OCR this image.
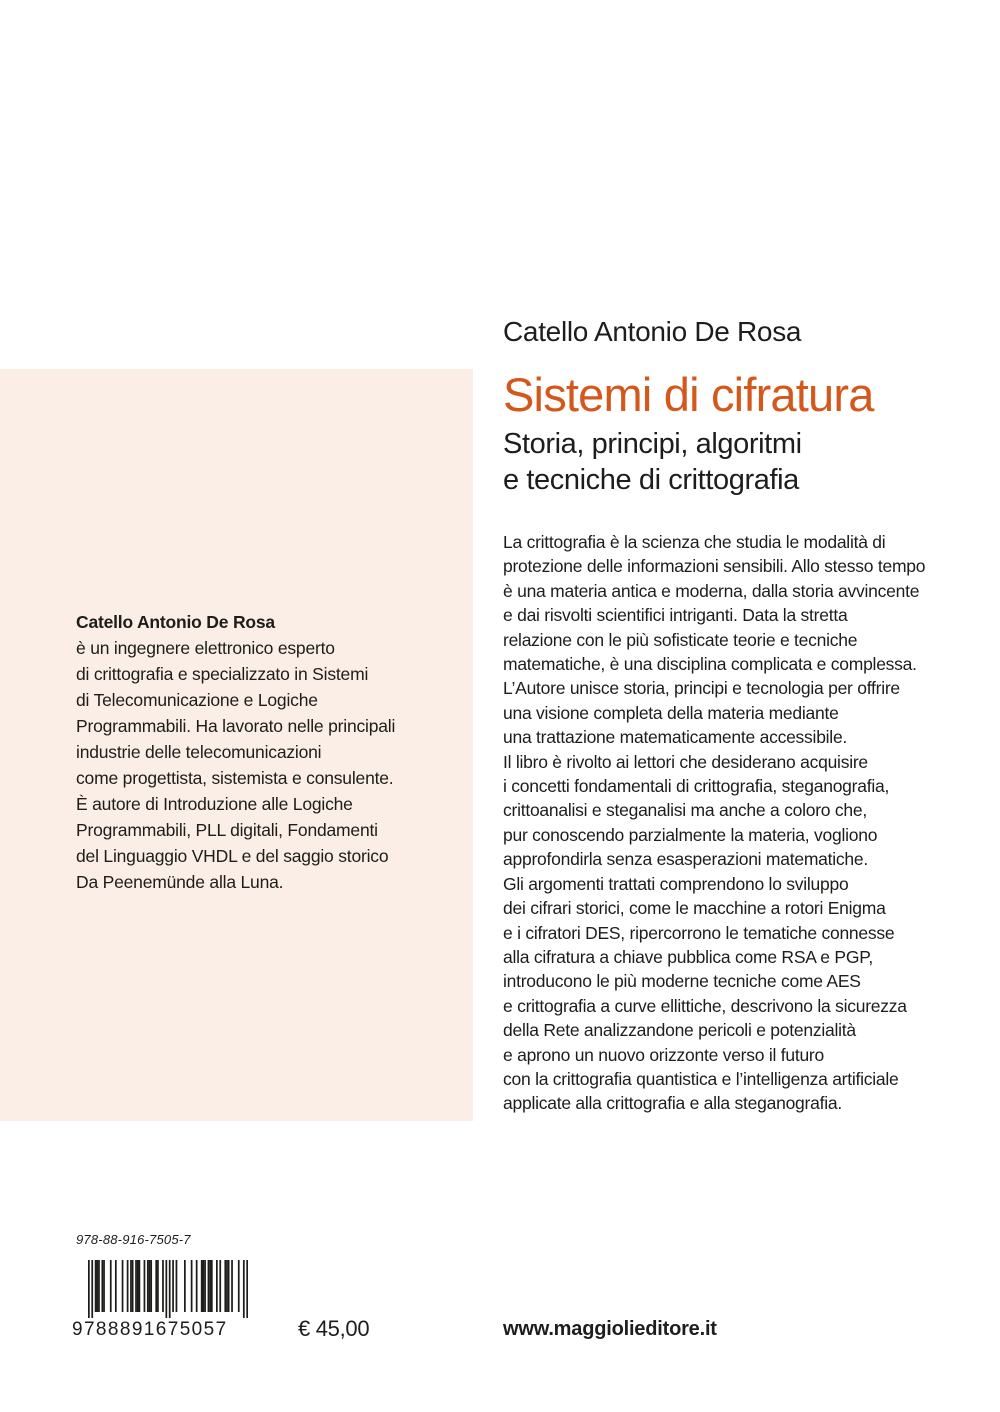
Catello Antonio De Rosa
è un ingegnere elettronico esperto
di crittografia e specializzato in Sistemi
di Telecomunicazione e Logiche
Programmabili. Ha lavorato nelle principali
industrie delle telecomunicazioni
come progettista, sistemista e consulente.
È autore di Introduzione alle Logiche
Programmabili, PLL digitali, Fondamenti
del Linguaggio VHDL e del saggio storico
Da Peenemünde alla Luna.
Catello Antonio De Rosa
Sistemi di cifratura
Storia, principi, algoritmi
e tecniche di crittografia
La crittografia è la scienza che studia le modalità di
protezione delle informazioni sensibili. Allo stesso tempo
è una materia antica e moderna, dalla storia avvincente
e dai risvolti scientifici intriganti. Data la stretta
relazione con le più sofisticate teorie e tecniche
matematiche, è una disciplina complicata e complessa.
L’Autore unisce storia, principi e tecnologia per offrire
una visione completa della materia mediante
una trattazione matematicamente accessibile.
Il libro è rivolto ai lettori che desiderano acquisire
i concetti fondamentali di crittografia, steganografia,
crittoanalisi e steganalisi ma anche a coloro che,
pur conoscendo parzialmente la materia, vogliono
approfondirla senza esasperazioni matematiche.
Gli argomenti trattati comprendono lo sviluppo
dei cifrari storici, come le macchine a rotori Enigma
e i cifratori DES, ripercorrono le tematiche connesse
alla cifratura a chiave pubblica come RSA e PGP,
introducono le più moderne tecniche come AES
e crittografia a curve ellittiche, descrivono la sicurezza
della Rete analizzandone pericoli e potenzialità
e aprono un nuovo orizzonte verso il futuro
con la crittografia quantistica e l’intelligenza artificiale
applicate alla crittografia e alla steganografia.
978-88-916-7505-7
9788891675057	€ 45,00	www.maggiolieditore.it
